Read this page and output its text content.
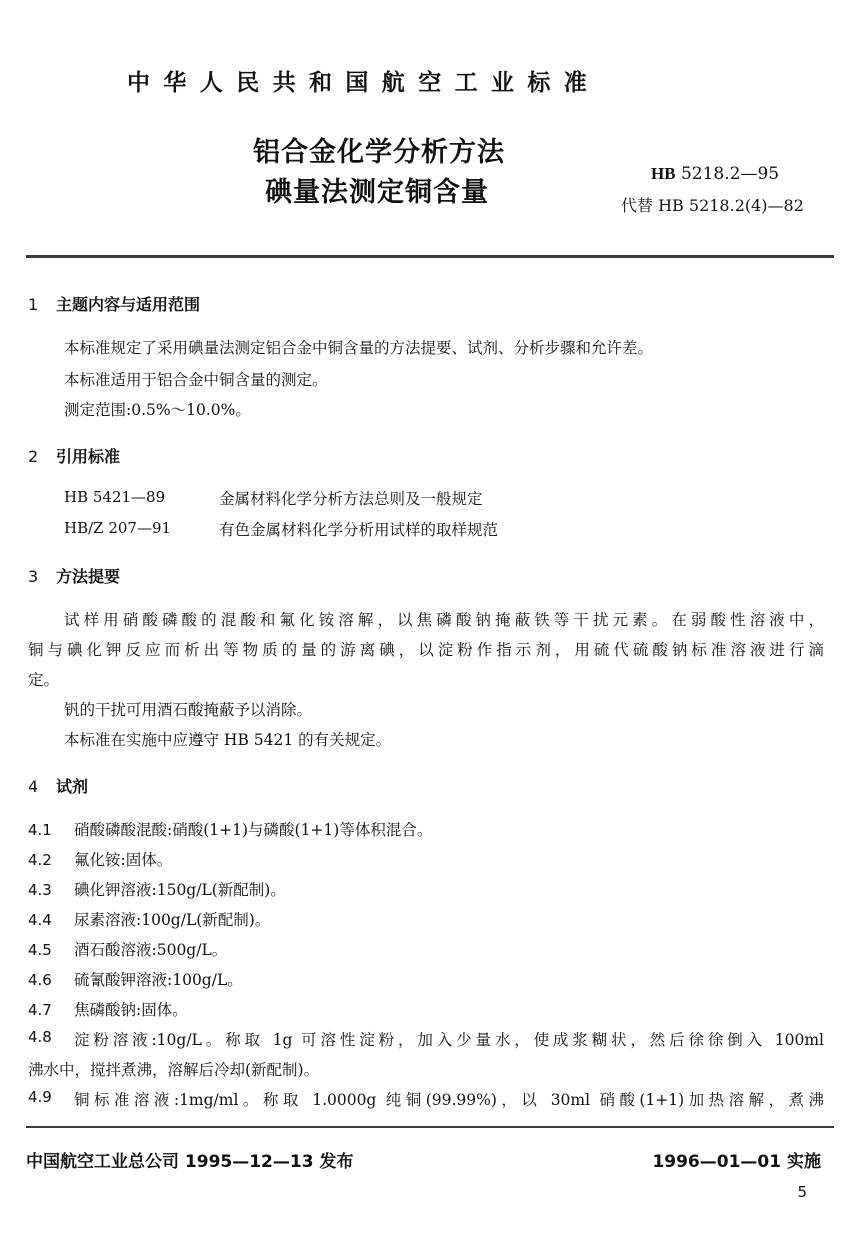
中华人民共和国航空工业标准
铝合金化学分析方法
碘量法测定铜含量
HB 5218.2—95
代替 HB 5218.2(4)—82
1 主题内容与适用范围
本标准规定了采用碘量法测定铝合金中铜含量的方法提要、试剂、分析步骤和允许差。
本标准适用于铝合金中铜含量的测定。
测定范围:0.5%～10.0%。
2 引用标准
HB 5421—89	金属材料化学分析方法总则及一般规定
HB/Z 207—91	有色金属材料化学分析用试样的取样规范
3 方法提要
试样用硝酸磷酸的混酸和氟化铵溶解，以焦磷酸钠掩蔽铁等干扰元素。在弱酸性溶液中，
铜与碘化钾反应而析出等物质的量的游离碘，以淀粉作指示剂，用硫代硫酸钠标准溶液进行滴
定。
钒的干扰可用酒石酸掩蔽予以消除。
本标准在实施中应遵守 HB 5421 的有关规定。
4 试剂
4.1 硝酸磷酸混酸:硝酸(1+1)与磷酸(1+1)等体积混合。
4.2 氟化铵:固体。
4.3 碘化钾溶液:150g/L(新配制)。
4.4 尿素溶液:100g/L(新配制)。
4.5 酒石酸溶液:500g/L。
4.6 硫氰酸钾溶液:100g/L。
4.7 焦磷酸钠:固体。
4.8	淀粉溶液:10g/L。称取 1g 可溶性淀粉，加入少量水，使成浆糊状，然后徐徐倒入 100ml
沸水中，搅拌煮沸，溶解后冷却(新配制)。
4.9	铜标准溶液:1mg/ml。称取 1.0000g 纯铜(99.99%)，以 30ml 硝酸(1+1)加热溶解，煮沸
中国航空工业总公司 1995—12—13 发布	1996—01—01 实施
5
